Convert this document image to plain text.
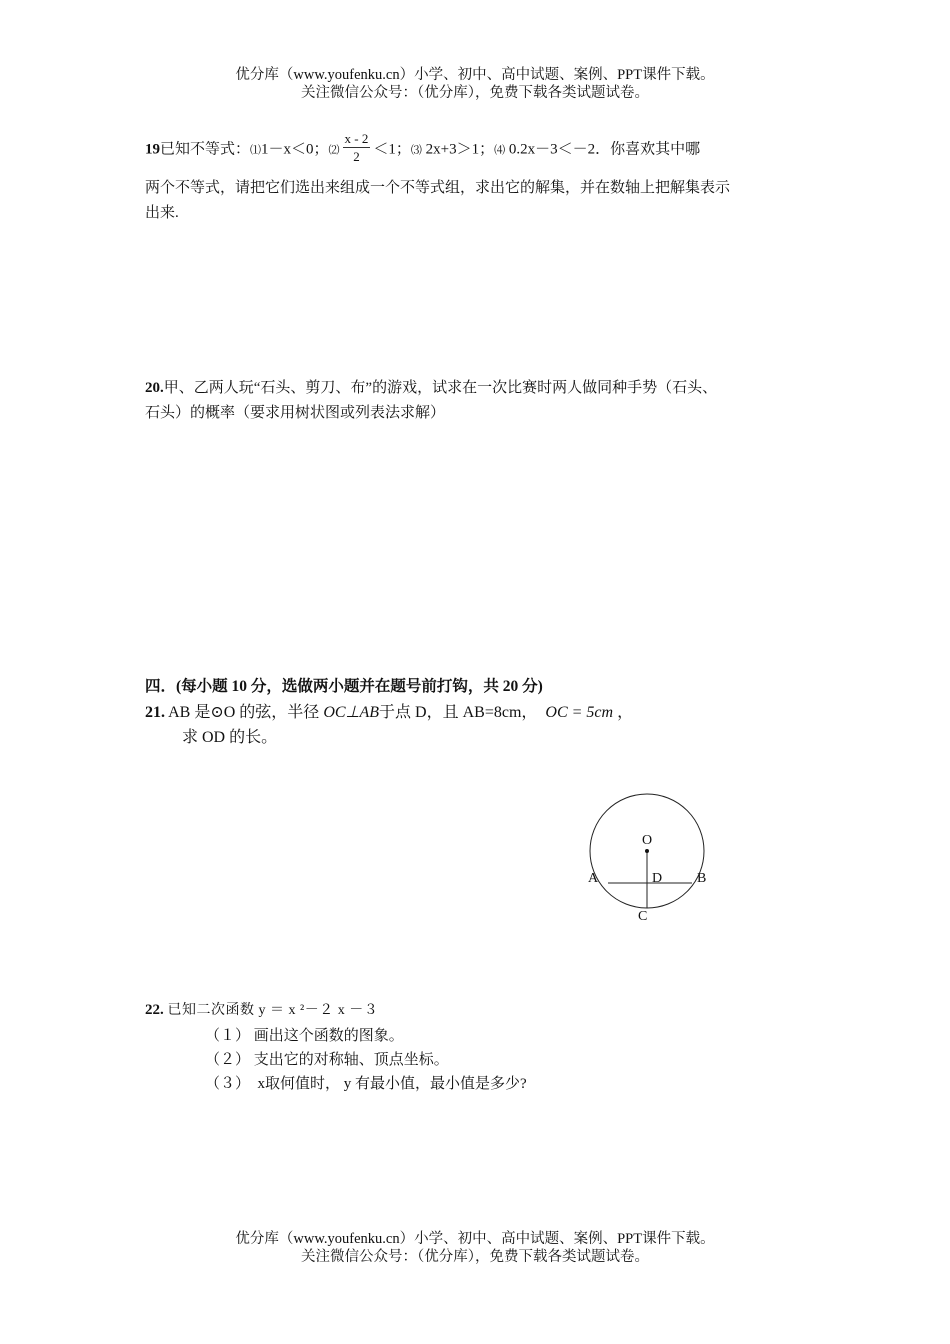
优分库（www.youfenku.cn）小学、初中、高中试题、案例、PPT课件下载。
关注微信公众号：（优分库），免费下载各类试题试卷。
19已知不等式：⑴1－x＜0；⑵ $\frac{x - 2}{2} <1$；⑶ 2x+3＞1；⑷ 0.2x－3＜－2．你喜欢其中哪
两个不等式，请把它们选出来组成一个不等式组，求出它的解集，并在数轴上把解集表示
出来.
20.甲、乙两人玩“石头、剪刀、布”的游戏，试求在一次比赛时两人做同种手势（石头、
石头）的概率（要求用树状图或列表法求解）
四．(每小题 10 分，选做两小题并在题号前打钩，共 20 分)
21. AB 是⊙O 的弦，半径 OC⊥AB于点 D，且 AB=8cm， OC = 5cm ，
求 OD 的长。
O
A	B
D
C
22. 已知二次函数 y ＝ x ²－２ x －３
（１） 画出这个函数的图象。
（２） 支出它的对称轴、顶点坐标。
（３） x取何值时， y 有最小值，最小值是多少?
优分库（www.youfenku.cn）小学、初中、高中试题、案例、PPT课件下载。
关注微信公众号：（优分库），免费下载各类试题试卷。
